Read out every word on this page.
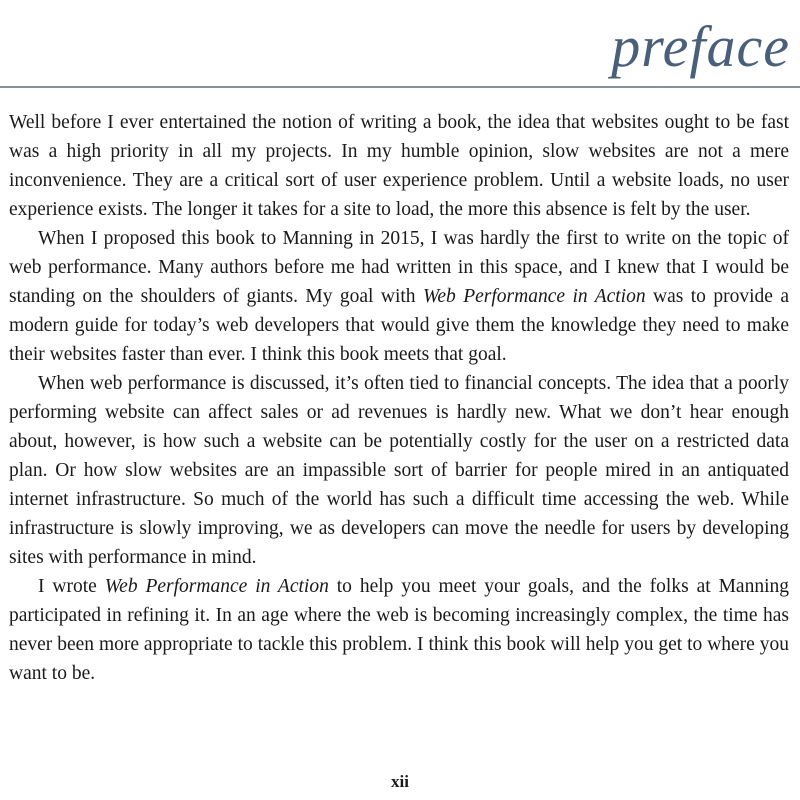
preface

Well before I ever entertained the notion of writing a book, the idea that websites ought to be fast was a high priority in all my projects. In my humble opinion, slow websites are not a mere inconvenience. They are a critical sort of user experience problem. Until a website loads, no user experience exists. The longer it takes for a site to load, the more this absence is felt by the user.

When I proposed this book to Manning in 2015, I was hardly the first to write on the topic of web performance. Many authors before me had written in this space, and I knew that I would be standing on the shoulders of giants. My goal with Web Performance in Action was to provide a modern guide for today’s web developers that would give them the knowledge they need to make their websites faster than ever. I think this book meets that goal.

When web performance is discussed, it’s often tied to financial concepts. The idea that a poorly performing website can affect sales or ad revenues is hardly new. What we don’t hear enough about, however, is how such a website can be potentially costly for the user on a restricted data plan. Or how slow websites are an impassible sort of barrier for people mired in an antiquated internet infrastructure. So much of the world has such a difficult time accessing the web. While infrastructure is slowly improving, we as developers can move the needle for users by developing sites with performance in mind.

I wrote Web Performance in Action to help you meet your goals, and the folks at Manning participated in refining it. In an age where the web is becoming increasingly complex, the time has never been more appropriate to tackle this problem. I think this book will help you get to where you want to be.

xii
